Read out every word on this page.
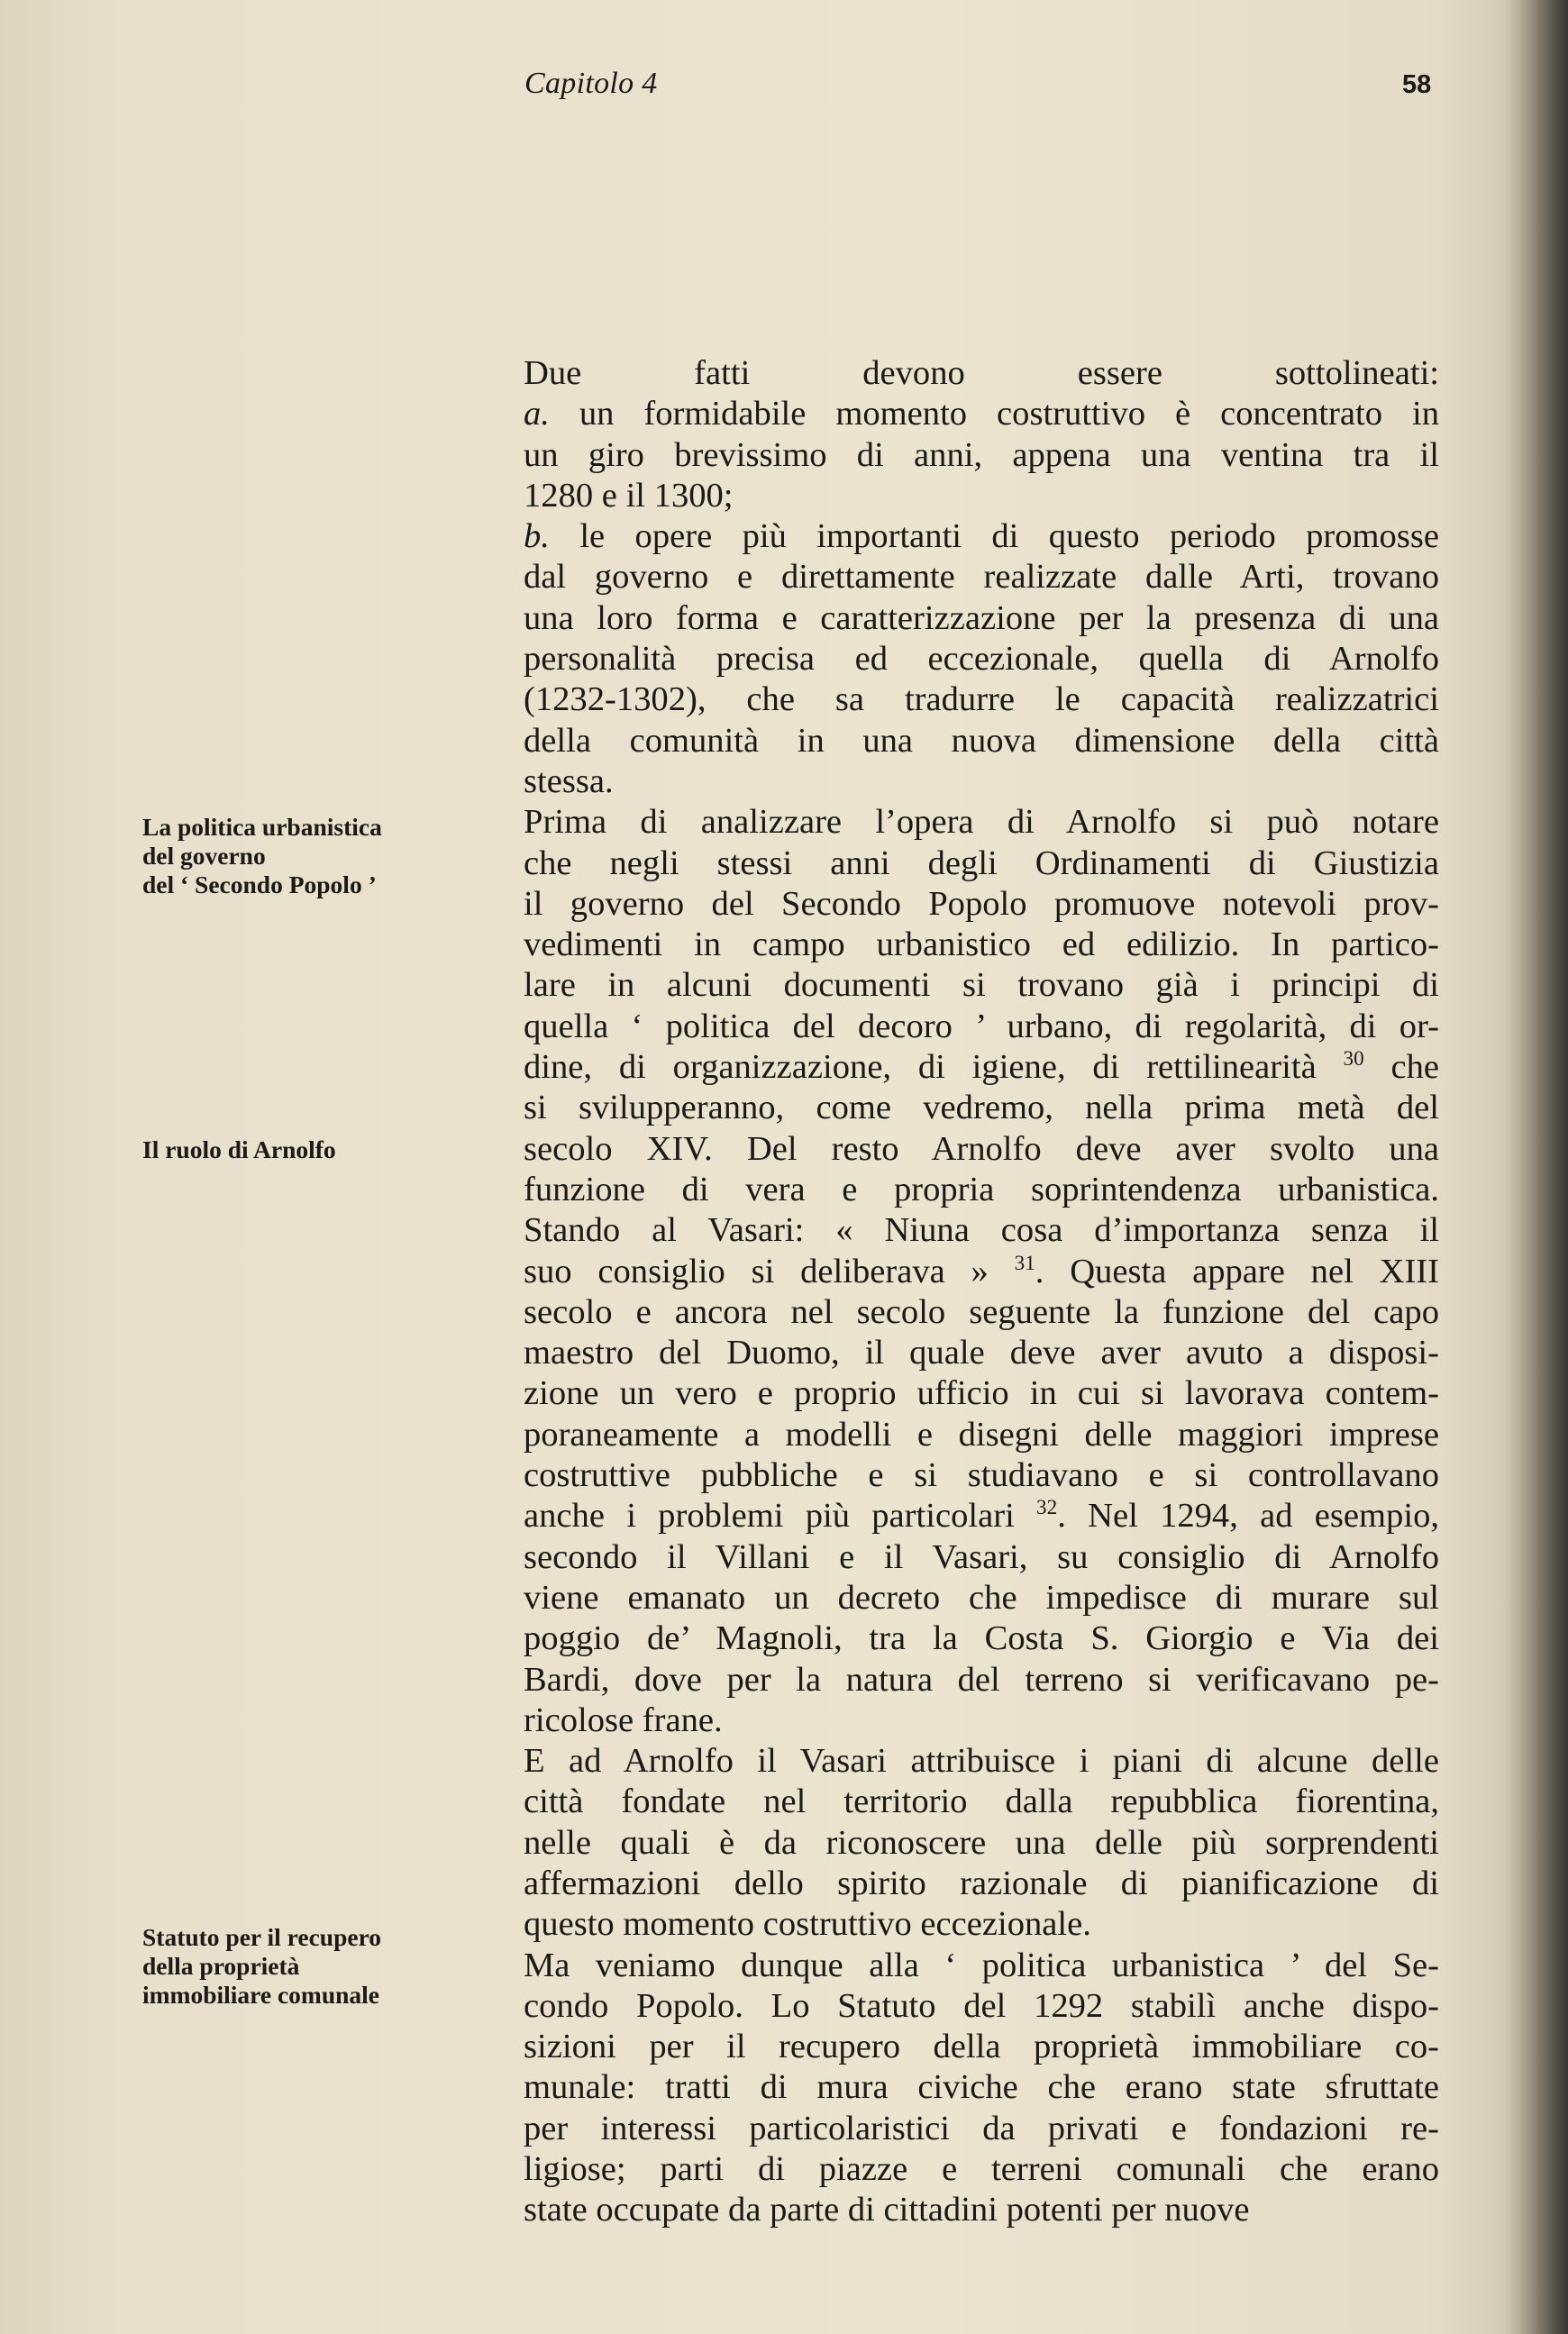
Capitolo 4	58
La politica urbanistica
del governo
del ‘ Secondo Popolo ’
Il ruolo di Arnolfo
Statuto per il recupero
della proprietà
immobiliare comunale
Due fatti devono essere sottolineati:
a. un formidabile momento costruttivo è concentrato in
un giro brevissimo di anni, appena una ventina tra il
1280 e il 1300;
b. le opere più importanti di questo periodo promosse
dal governo e direttamente realizzate dalle Arti, trovano
una loro forma e caratterizzazione per la presenza di una
personalità precisa ed eccezionale, quella di Arnolfo
(1232-1302), che sa tradurre le capacità realizzatrici
della comunità in una nuova dimensione della città
stessa.
Prima di analizzare l’opera di Arnolfo si può notare
che negli stessi anni degli Ordinamenti di Giustizia
il governo del Secondo Popolo promuove notevoli prov-
vedimenti in campo urbanistico ed edilizio. In partico-
lare in alcuni documenti si trovano già i principi di
quella ‘ politica del decoro ’ urbano, di regolarità, di or-
dine, di organizzazione, di igiene, di rettilinearità $^{30}$ che
si svilupperanno, come vedremo, nella prima metà del
secolo XIV. Del resto Arnolfo deve aver svolto una
funzione di vera e propria soprintendenza urbanistica.
Stando al Vasari: « Niuna cosa d’importanza senza il
suo consiglio si deliberava » $^{31}$. Questa appare nel XIII
secolo e ancora nel secolo seguente la funzione del capo
maestro del Duomo, il quale deve aver avuto a disposi-
zione un vero e proprio ufficio in cui si lavorava contem-
poraneamente a modelli e disegni delle maggiori imprese
costruttive pubbliche e si studiavano e si controllavano
anche i problemi più particolari $^{32}$. Nel 1294, ad esempio,
secondo il Villani e il Vasari, su consiglio di Arnolfo
viene emanato un decreto che impedisce di murare sul
poggio de’ Magnoli, tra la Costa S. Giorgio e Via dei
Bardi, dove per la natura del terreno si verificavano pe-
ricolose frane.
E ad Arnolfo il Vasari attribuisce i piani di alcune delle
città fondate nel territorio dalla repubblica fiorentina,
nelle quali è da riconoscere una delle più sorprendenti
affermazioni dello spirito razionale di pianificazione di
questo momento costruttivo eccezionale.
Ma veniamo dunque alla ‘ politica urbanistica ’ del Se-
condo Popolo. Lo Statuto del 1292 stabilì anche dispo-
sizioni per il recupero della proprietà immobiliare co-
munale: tratti di mura civiche che erano state sfruttate
per interessi particolaristici da privati e fondazioni re-
ligiose; parti di piazze e terreni comunali che erano
state occupate da parte di cittadini potenti per nuove
